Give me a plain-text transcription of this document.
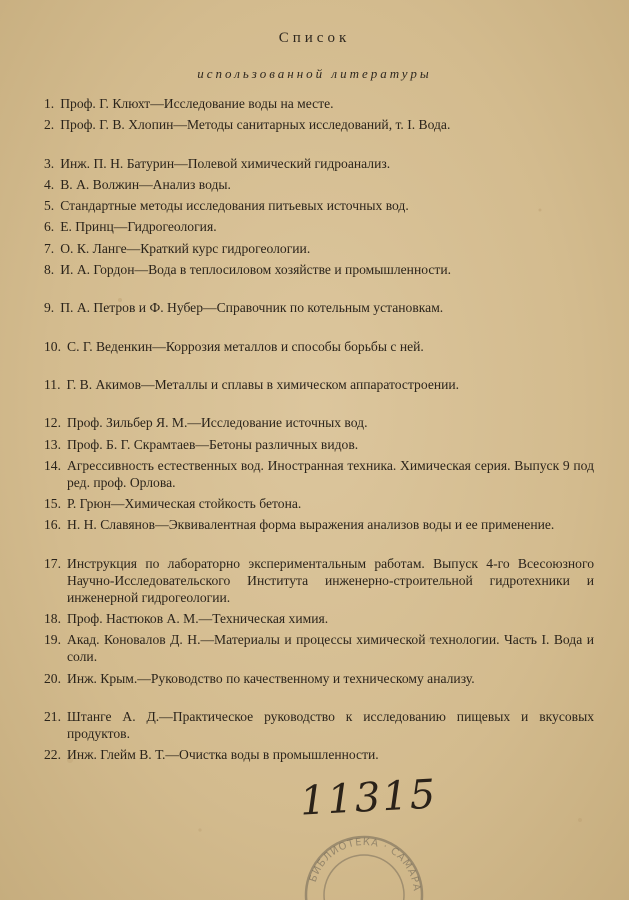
Список
использованной литературы
1. Проф. Г. Клюхт—Исследование воды на месте.
2. Проф. Г. В. Хлопин—Методы санитарных исследований, т. I. Вода.
3. Инж. П. Н. Батурин—Полевой химический гидроанализ.
4. В. А. Волжин—Анализ воды.
5. Стандартные методы исследования питьевых источных вод.
6. Е. Принц—Гидрогеология.
7. О. К. Ланге—Краткий курс гидрогеологии.
8. И. А. Гордон—Вода в теплосиловом хозяйстве и промышленности.
9. П. А. Петров и Ф. Нубер—Справочник по котельным установкам.
10. С. Г. Веденкин—Коррозия металлов и способы борьбы с ней.
11. Г. В. Акимов—Металлы и сплавы в химическом аппаратостроении.
12. Проф. Зильбер Я. М.—Исследование источных вод.
13. Проф. Б. Г. Скрамтаев—Бетоны различных видов.
14. Агрессивность естественных вод. Иностранная техника. Химическая серия. Выпуск 9 под ред. проф. Орлова.
15. Р. Грюн—Химическая стойкость бетона.
16. Н. Н. Славянов—Эквивалентная форма выражения анализов воды и ее применение.
17. Инструкция по лабораторно экспериментальным работам. Выпуск 4-го Всесоюзного Научно-Исследовательского Института инженерно-строительной гидротехники и инженерной гидрогеологии.
18. Проф. Настюков А. М.—Техническая химия.
19. Акад. Коновалов Д. Н.—Материалы и процессы химической технологии. Часть I. Вода и соли.
20. Инж. Крым.—Руководство по качественному и техническому анализу.
21. Штанге А. Д.—Практическое руководство к исследованию пищевых и вкусовых продуктов.
22. Инж. Глейм В. Т.—Очистка воды в промышленности.
11315
БИБЛИОТЕКА · САМАРА
